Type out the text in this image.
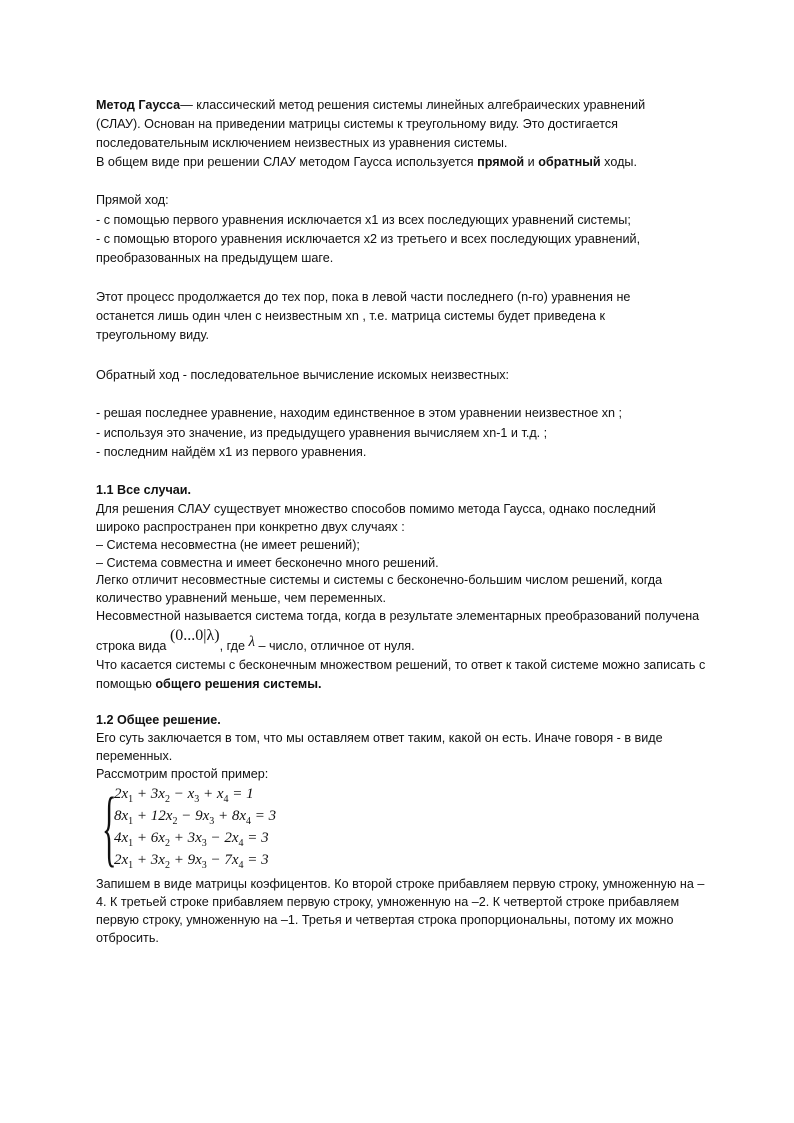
Метод Гаусса— классический метод решения системы линейных алгебраических уравнений
(СЛАУ). Основан на приведении матрицы системы к треугольному виду. Это достигается
последовательным исключением неизвестных из уравнения системы.
В общем виде при решении СЛАУ методом Гаусса используется прямой и обратный ходы.
Прямой ход:
- с помощью первого уравнения исключается x1 из всех последующих уравнений системы;
- с помощью второго уравнения исключается x2 из третьего и всех последующих уравнений,
преобразованных на предыдущем шаге.
Этот процесс продолжается до тех пор, пока в левой части последнего (n-го) уравнения не
останется лишь один член с неизвестным xn , т.е. матрица системы будет приведена к
треугольному виду.
Обратный ход - последовательное вычисление искомых неизвестных:
- решая последнее уравнение, находим единственное в этом уравнении неизвестное xn ;
- используя это значение, из предыдущего уравнения вычисляем xn-1 и т.д. ;
- последним найдём x1 из первого уравнения.
1.1 Все случаи.
Для решения СЛАУ существует множество способов помимо метода Гаусса, однако последний
широко распространен при конкретно двух случаях :
– Система несовместна (не имеет решений);
– Система совместна и имеет бесконечно много решений.
Легко отличит несовместные системы и системы с бесконечно-большим числом решений, когда
количество уравнений меньше, чем переменных.
Несовместной называется система тогда, когда в результате элементарных преобразований получена
строка вида (0...0|λ), где λ – число, отличное от нуля.
Что касается системы с бесконечным множеством решений, то ответ к такой системе можно записать с
помощью общего решения системы.
1.2 Общее решение.
Его суть заключается в том, что мы оставляем ответ таким, какой он есть. Иначе говоря - в виде
переменных.
Рассмотрим простой пример:
{
$2x_1 + 3x_2 - x_3 + x_4 = 1$
$8x_1 + 12x_2 - 9x_3 + 8x_4 = 3$
$4x_1 + 6x_2 + 3x_3 - 2x_4 = 3$
$2x_1 + 3x_2 + 9x_3 - 7x_4 = 3$
Запишем в виде матрицы коэфицентов. Ко второй строке прибавляем первую строку, умноженную на –
4. К третьей строке прибавляем первую строку, умноженную на –2. К четвертой строке прибавляем
первую строку, умноженную на –1. Третья и четвертая строка пропорциональны, потому их можно
отбросить.
